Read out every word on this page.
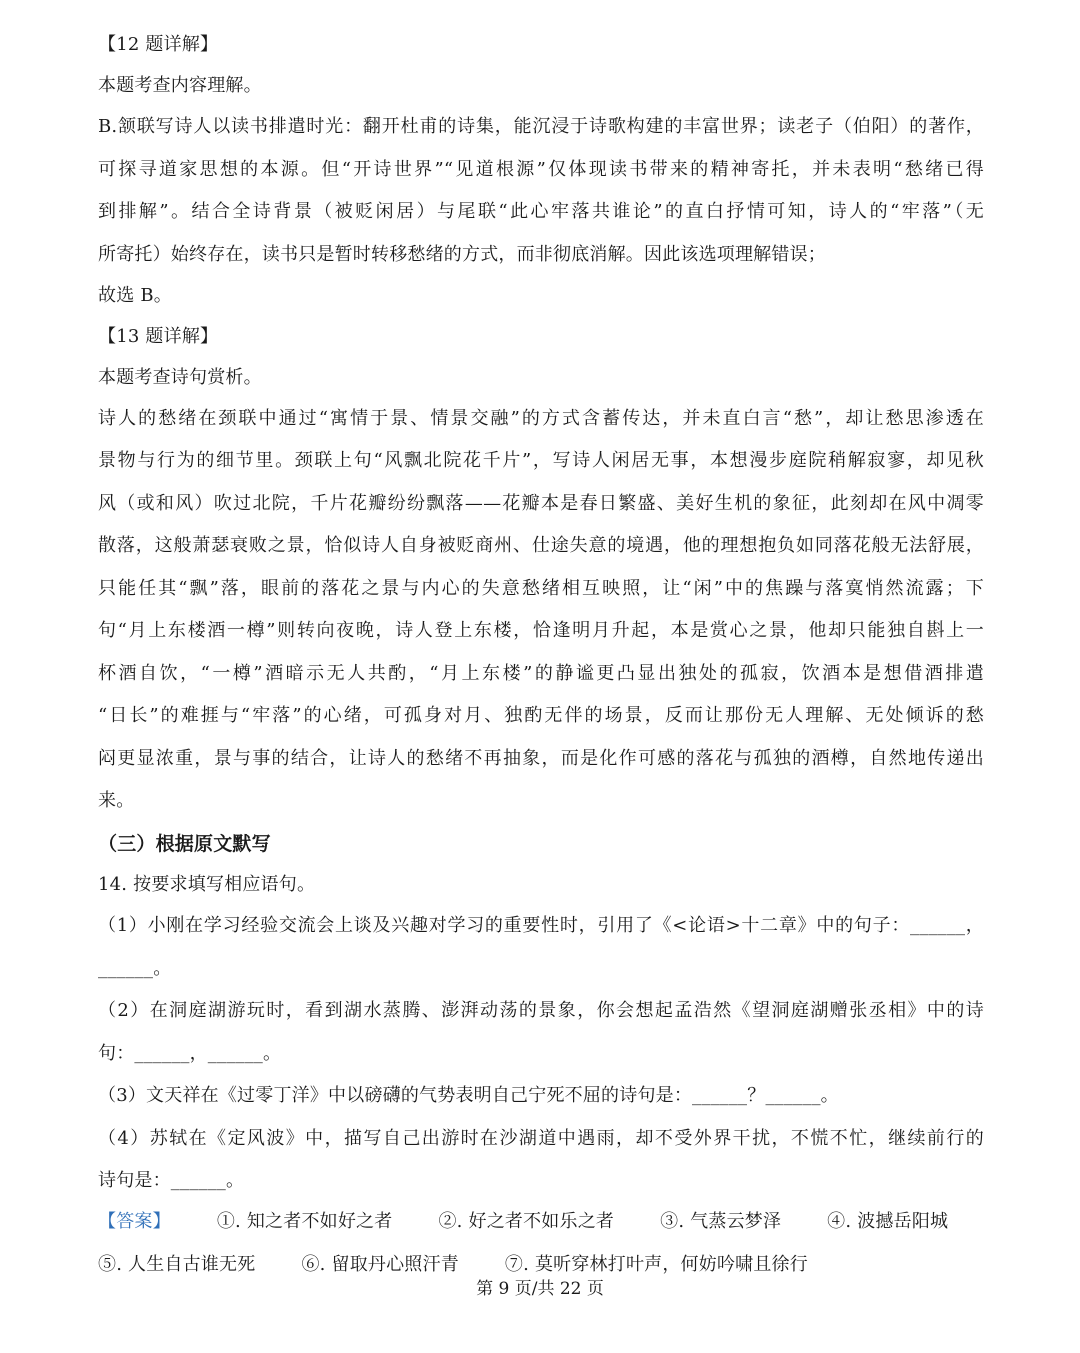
【12 题详解】
本题考查内容理解。
B.颔联写诗人以读书排遣时光：翻开杜甫的诗集，能沉浸于诗歌构建的丰富世界；读老子（伯阳）的著作，
可探寻道家思想的本源。但“开诗世界”“见道根源”仅体现读书带来的精神寄托，并未表明“愁绪已得
到排解”。结合全诗背景（被贬闲居）与尾联“此心牢落共谁论”的直白抒情可知，诗人的“牢落”（无
所寄托）始终存在，读书只是暂时转移愁绪的方式，而非彻底消解。因此该选项理解错误；
故选 B。
【13 题详解】
本题考查诗句赏析。
诗人的愁绪在颈联中通过“寓情于景、情景交融”的方式含蓄传达，并未直白言“愁”，却让愁思渗透在
景物与行为的细节里。颈联上句“风飘北院花千片”，写诗人闲居无事，本想漫步庭院稍解寂寥，却见秋
风（或和风）吹过北院，千片花瓣纷纷飘落——花瓣本是春日繁盛、美好生机的象征，此刻却在风中凋零
散落，这般萧瑟衰败之景，恰似诗人自身被贬商州、仕途失意的境遇，他的理想抱负如同落花般无法舒展，
只能任其“飘”落，眼前的落花之景与内心的失意愁绪相互映照，让“闲”中的焦躁与落寞悄然流露；下
句“月上东楼酒一樽”则转向夜晚，诗人登上东楼，恰逢明月升起，本是赏心之景，他却只能独自斟上一
杯酒自饮，“一樽”酒暗示无人共酌，“月上东楼”的静谧更凸显出独处的孤寂，饮酒本是想借酒排遣
“日长”的难捱与“牢落”的心绪，可孤身对月、独酌无伴的场景，反而让那份无人理解、无处倾诉的愁
闷更显浓重，景与事的结合，让诗人的愁绪不再抽象，而是化作可感的落花与孤独的酒樽，自然地传递出
来。
（三）根据原文默写
14. 按要求填写相应语句。
（1）小刚在学习经验交流会上谈及兴趣对学习的重要性时，引用了《<论语>十二章》中的句子：______，
______。
（2）在洞庭湖游玩时，看到湖水蒸腾、澎湃动荡的景象，你会想起孟浩然《望洞庭湖赠张丞相》中的诗
句：______，______。
（3）文天祥在《过零丁洋》中以磅礴的气势表明自己宁死不屈的诗句是：______？______。
（4）苏轼在《定风波》中，描写自己出游时在沙湖道中遇雨，却不受外界干扰，不慌不忙，继续前行的
诗句是：______。
【答案】	①. 知之者不如好之者	②. 好之者不如乐之者	③. 气蒸云梦泽	④. 波撼岳阳城
⑤. 人生自古谁无死	⑥. 留取丹心照汗青	⑦. 莫听穿林打叶声，何妨吟啸且徐行
第 9 页/共 22 页
